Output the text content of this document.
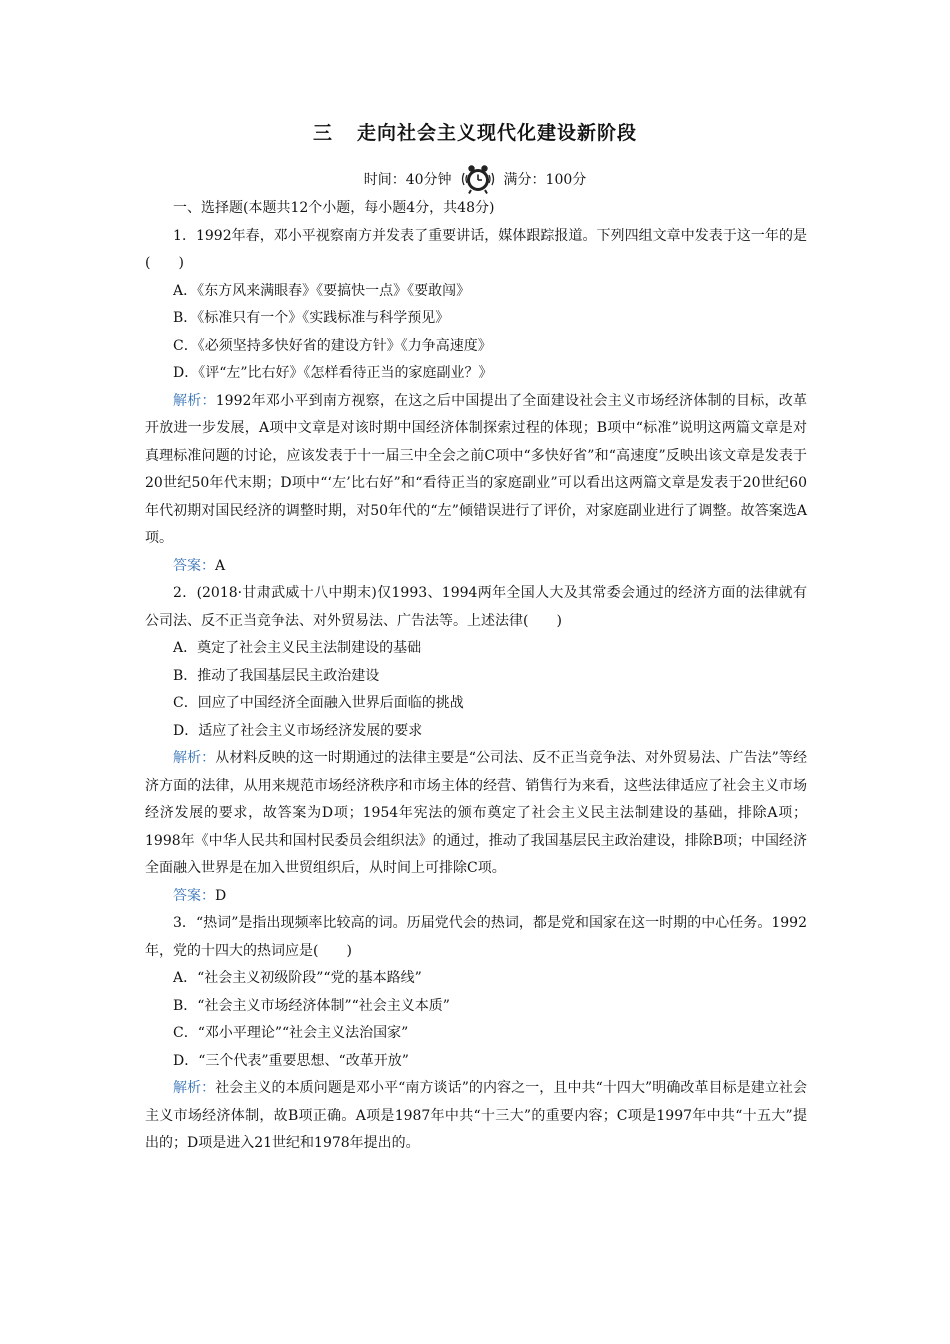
三 走向社会主义现代化建设新阶段
时间：40分钟	满分：100分

一、选择题(本题共12个小题，每小题4分，共48分)

1．1992年春，邓小平视察南方并发表了重要讲话，媒体跟踪报道。下列四组文章中发表于这一年的是(　　)

A．《东方风来满眼春》《要搞快一点》《要敢闯》

B．《标准只有一个》《实践标准与科学预见》

C．《必须坚持多快好省的建设方针》《力争高速度》

D．《评“左”比右好》《怎样看待正当的家庭副业？》

解析：1992年邓小平到南方视察，在这之后中国提出了全面建设社会主义市场经济体制的目标，改革开放进一步发展，A项中文章是对该时期中国经济体制探索过程的体现；B项中“标准”说明这两篇文章是对真理标准问题的讨论，应该发表于十一届三中全会之前C项中“多快好省”和“高速度”反映出该文章是发表于20世纪50年代末期；D项中“‘左’比右好”和“看待正当的家庭副业”可以看出这两篇文章是发表于20世纪60年代初期对国民经济的调整时期，对50年代的“左”倾错误进行了评价，对家庭副业进行了调整。故答案选A项。

答案：A

2．(2018·甘肃武威十八中期末)仅1993、1994两年全国人大及其常委会通过的经济方面的法律就有公司法、反不正当竞争法、对外贸易法、广告法等。上述法律(　　)

A．奠定了社会主义民主法制建设的基础

B．推动了我国基层民主政治建设

C．回应了中国经济全面融入世界后面临的挑战

D．适应了社会主义市场经济发展的要求

解析：从材料反映的这一时期通过的法律主要是“公司法、反不正当竞争法、对外贸易法、广告法”等经济方面的法律，从用来规范市场经济秩序和市场主体的经营、销售行为来看，这些法律适应了社会主义市场经济发展的要求，故答案为D项；1954年宪法的颁布奠定了社会主义民主法制建设的基础，排除A项；1998年《中华人民共和国村民委员会组织法》的通过，推动了我国基层民主政治建设，排除B项；中国经济全面融入世界是在加入世贸组织后，从时间上可排除C项。

答案：D

3．“热词”是指出现频率比较高的词。历届党代会的热词，都是党和国家在这一时期的中心任务。1992年，党的十四大的热词应是(　　)

A．“社会主义初级阶段”“党的基本路线”

B．“社会主义市场经济体制”“社会主义本质”

C．“邓小平理论”“社会主义法治国家”

D．“三个代表”重要思想、“改革开放”

解析：社会主义的本质问题是邓小平“南方谈话”的内容之一，且中共“十四大”明确改革目标是建立社会主义市场经济体制，故B项正确。A项是1987年中共“十三大”的重要内容；C项是1997年中共“十五大”提出的；D项是进入21世纪和1978年提出的。
